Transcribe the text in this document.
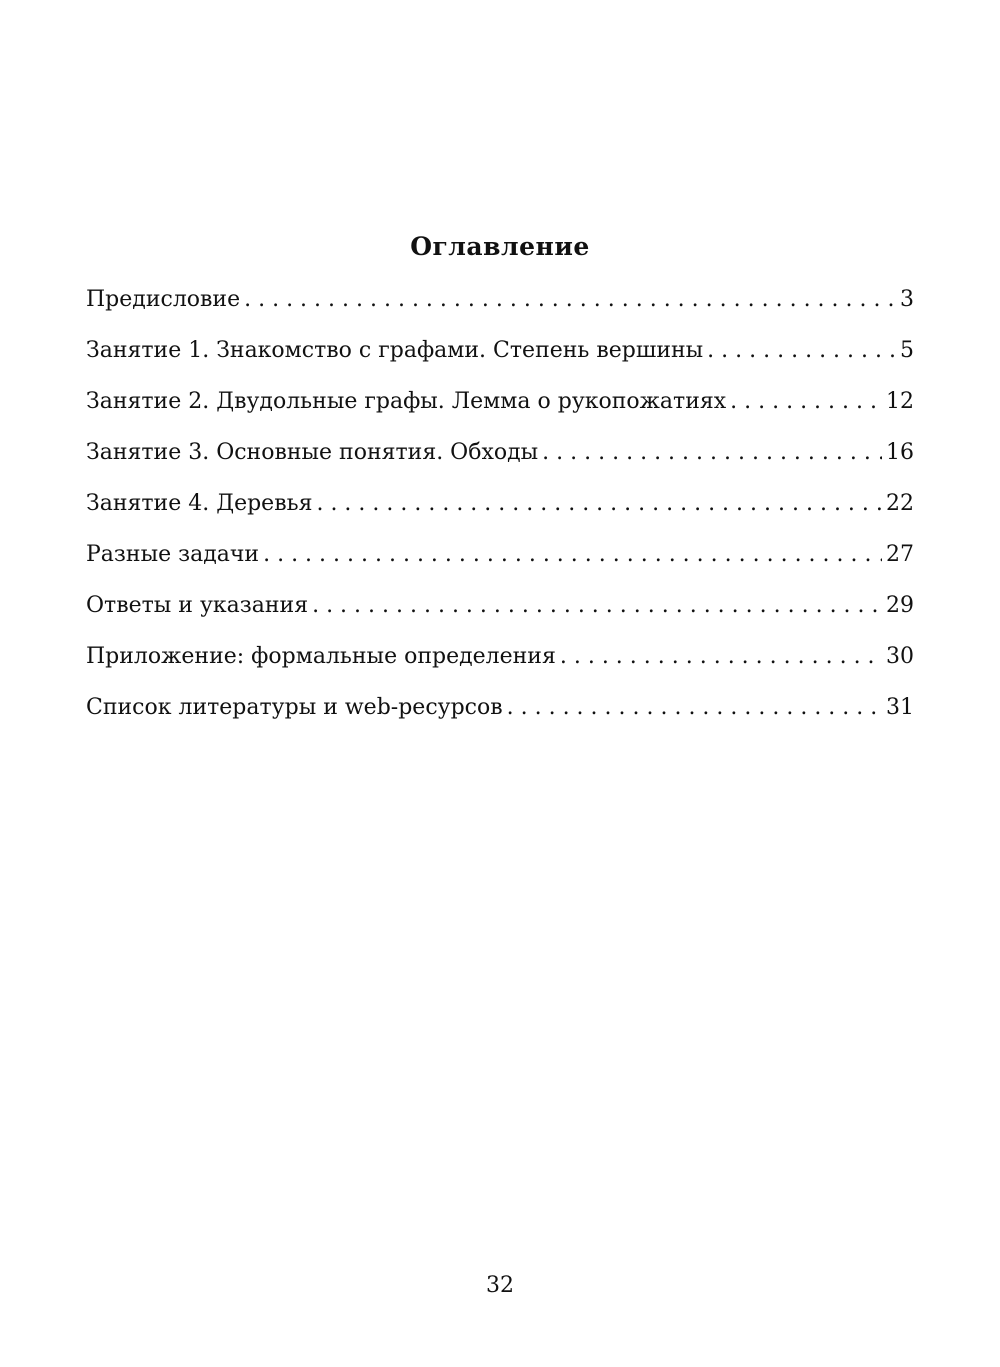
Оглавление
Предисловие . . .	3
Занятие 1. Знакомство с графами. Степень вершины . . .	5
Занятие 2. Двудольные графы. Лемма о рукопожатиях . . .	12
Занятие 3. Основные понятия. Обходы . . .	16
Занятие 4. Деревья . . .	22
Разные задачи . . .	27
Ответы и указания . . .	29
Приложение: формальные определения . . .	30
Список литературы и web-ресурсов . . .	31
32
